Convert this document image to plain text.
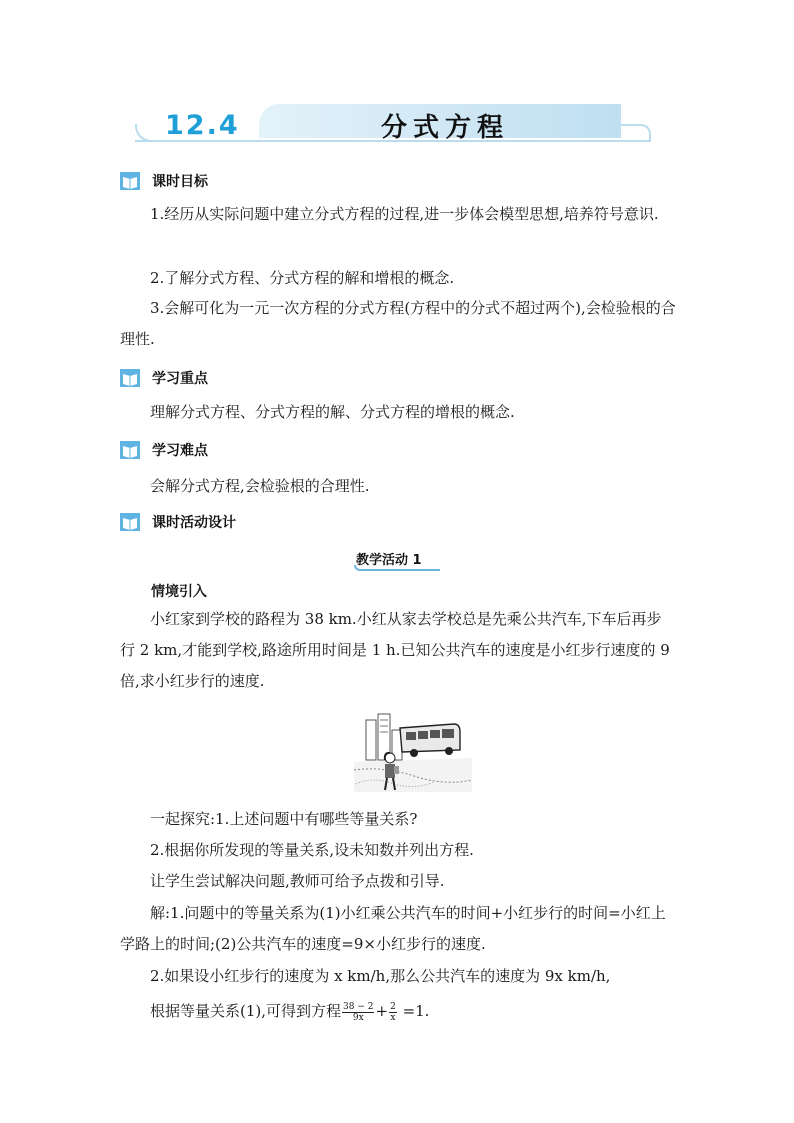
12.4	分式方程
课时目标
1.经历从实际问题中建立分式方程的过程,进一步体会模型思想,培养符号意识.
2.了解分式方程、分式方程的解和增根的概念.
3.会解可化为一元一次方程的分式方程(方程中的分式不超过两个),会检验根的合理性.
学习重点
理解分式方程、分式方程的解、分式方程的增根的概念.
学习难点
会解分式方程,会检验根的合理性.
课时活动设计
教学活动 1
情境引入
小红家到学校的路程为 38 km.小红从家去学校总是先乘公共汽车,下车后再步行 2 km,才能到学校,路途所用时间是 1 h.已知公共汽车的速度是小红步行速度的 9 倍,求小红步行的速度.
一起探究:1.上述问题中有哪些等量关系?
2.根据你所发现的等量关系,设未知数并列出方程.
让学生尝试解决问题,教师可给予点拨和引导.
解:1.问题中的等量关系为(1)小红乘公共汽车的时间+小红步行的时间=小红上学路上的时间;(2)公共汽车的速度=9×小红步行的速度.
2.如果设小红步行的速度为 x km/h,那么公共汽车的速度为 9x km/h,
根据等量关系(1),可得到方程 $\frac{38 - 2}{9x} + \frac{2}{x} =1$.
